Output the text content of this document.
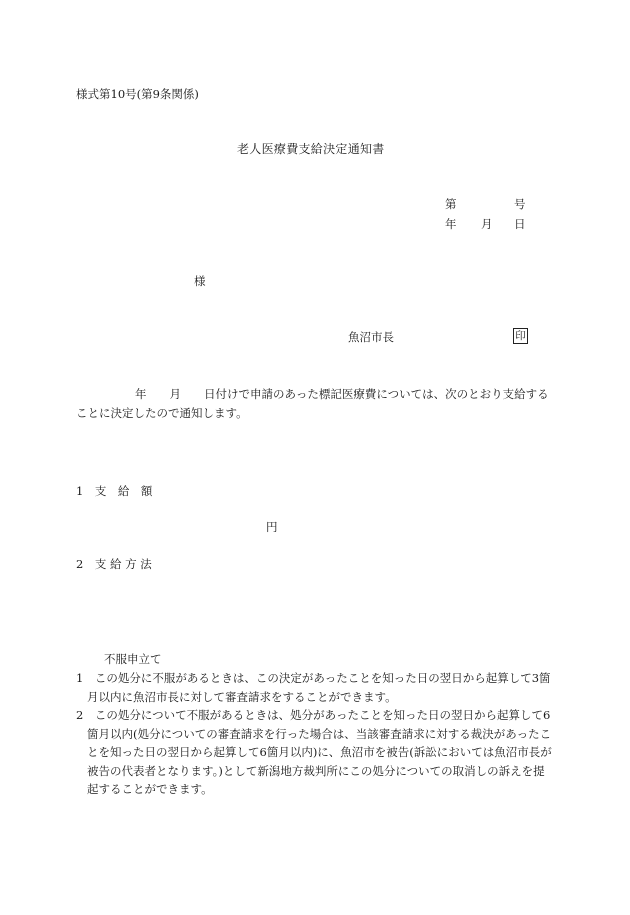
様式第10号(第9条関係)
老人医療費支給決定通知書
第	号
年 月 日
様
魚沼市長	印
年 月 日付けで申請のあった標記医療費については、次のとおり支給することに決定したので通知します。
1　支　給　額
円
2　支 給 方 法
不服申立て
1　この処分に不服があるときは、この決定があったことを知った日の翌日から起算して3箇月以内に魚沼市長に対して審査請求をすることができます。
2　この処分について不服があるときは、処分があったことを知った日の翌日から起算して6箇月以内(処分についての審査請求を行った場合は、当該審査請求に対する裁決があったことを知った日の翌日から起算して6箇月以内)に、魚沼市を被告(訴訟においては魚沼市長が被告の代表者となります。)として新潟地方裁判所にこの処分についての取消しの訴えを提起することができます。
